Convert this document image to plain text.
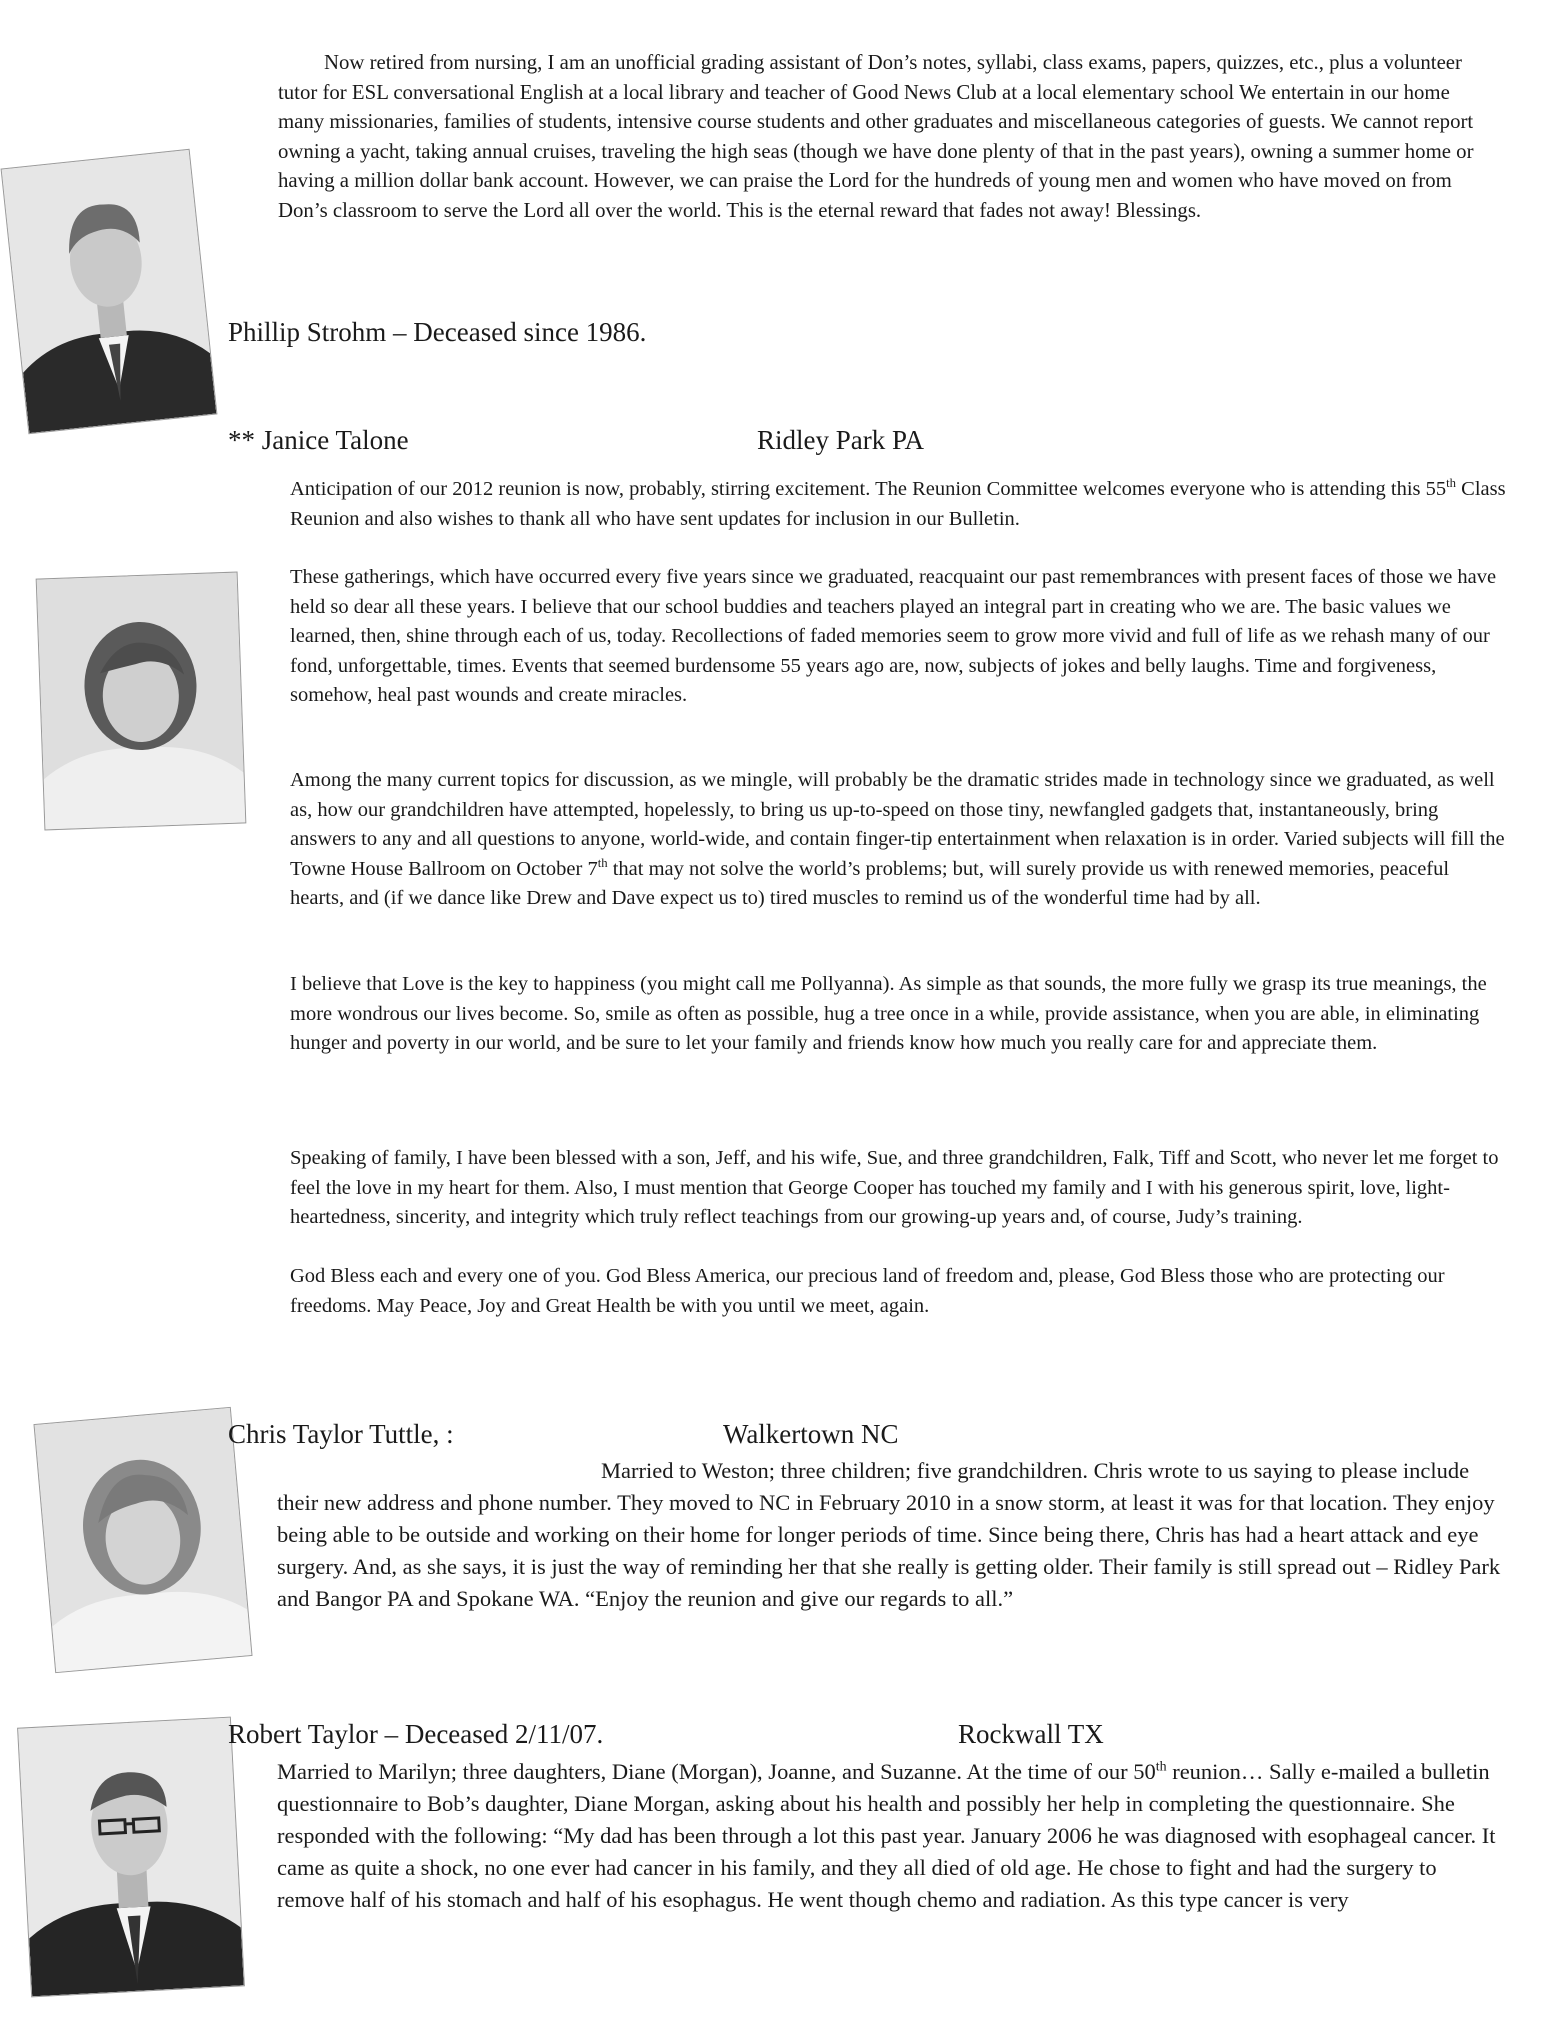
Now retired from nursing, I am an unofficial grading assistant of Don’s notes, syllabi, class exams, papers, quizzes, etc., plus a volunteer tutor for ESL conversational English at a local library and teacher of Good News Club at a local elementary school We entertain in our home many missionaries, families of students, intensive course students and other graduates and miscellaneous categories of guests. We cannot report owning a yacht, taking annual cruises, traveling the high seas (though we have done plenty of that in the past years), owning a summer home or having a million dollar bank account. However, we can praise the Lord for the hundreds of young men and women who have moved on from Don’s classroom to serve the Lord all over the world. This is the eternal reward that fades not away! Blessings.

Phillip Strohm – Deceased since 1986.
** Janice Talone	Ridley Park PA

Anticipation of our 2012 reunion is now, probably, stirring excitement. The Reunion Committee welcomes everyone who is attending this 55th Class Reunion and also wishes to thank all who have sent updates for inclusion in our Bulletin.

These gatherings, which have occurred every five years since we graduated, reacquaint our past remembrances with present faces of those we have held so dear all these years. I believe that our school buddies and teachers played an integral part in creating who we are. The basic values we learned, then, shine through each of us, today. Recollections of faded memories seem to grow more vivid and full of life as we rehash many of our fond, unforgettable, times. Events that seemed burdensome 55 years ago are, now, subjects of jokes and belly laughs. Time and forgiveness, somehow, heal past wounds and create miracles.

Among the many current topics for discussion, as we mingle, will probably be the dramatic strides made in technology since we graduated, as well as, how our grandchildren have attempted, hopelessly, to bring us up-to-speed on those tiny, newfangled gadgets that, instantaneously, bring answers to any and all questions to anyone, world-wide, and contain finger-tip entertainment when relaxation is in order. Varied subjects will fill the Towne House Ballroom on October 7th that may not solve the world’s problems; but, will surely provide us with renewed memories, peaceful hearts, and (if we dance like Drew and Dave expect us to) tired muscles to remind us of the wonderful time had by all.

I believe that Love is the key to happiness (you might call me Pollyanna). As simple as that sounds, the more fully we grasp its true meanings, the more wondrous our lives become. So, smile as often as possible, hug a tree once in a while, provide assistance, when you are able, in eliminating hunger and poverty in our world, and be sure to let your family and friends know how much you really care for and appreciate them.

Speaking of family, I have been blessed with a son, Jeff, and his wife, Sue, and three grandchildren, Falk, Tiff and Scott, who never let me forget to feel the love in my heart for them. Also, I must mention that George Cooper has touched my family and I with his generous spirit, love, light-heartedness, sincerity, and integrity which truly reflect teachings from our growing-up years and, of course, Judy’s training.

God Bless each and every one of you. God Bless America, our precious land of freedom and, please, God Bless those who are protecting our freedoms. May Peace, Joy and Great Health be with you until we meet, again.

Chris Taylor Tuttle, :	Walkertown NC

Married to Weston; three children; five grandchildren. Chris wrote to us saying to please include their new address and phone number. They moved to NC in February 2010 in a snow storm, at least it was for that location. They enjoy being able to be outside and working on their home for longer periods of time. Since being there, Chris has had a heart attack and eye surgery. And, as she says, it is just the way of reminding her that she really is getting older. Their family is still spread out – Ridley Park and Bangor PA and Spokane WA. “Enjoy the reunion and give our regards to all.”

Robert Taylor – Deceased 2/11/07.	Rockwall TX

Married to Marilyn; three daughters, Diane (Morgan), Joanne, and Suzanne. At the time of our 50th reunion… Sally e-mailed a bulletin questionnaire to Bob’s daughter, Diane Morgan, asking about his health and possibly her help in completing the questionnaire. She responded with the following: “My dad has been through a lot this past year. January 2006 he was diagnosed with esophageal cancer. It came as quite a shock, no one ever had cancer in his family, and they all died of old age. He chose to fight and had the surgery to remove half of his stomach and half of his esophagus. He went though chemo and radiation. As this type cancer is very
